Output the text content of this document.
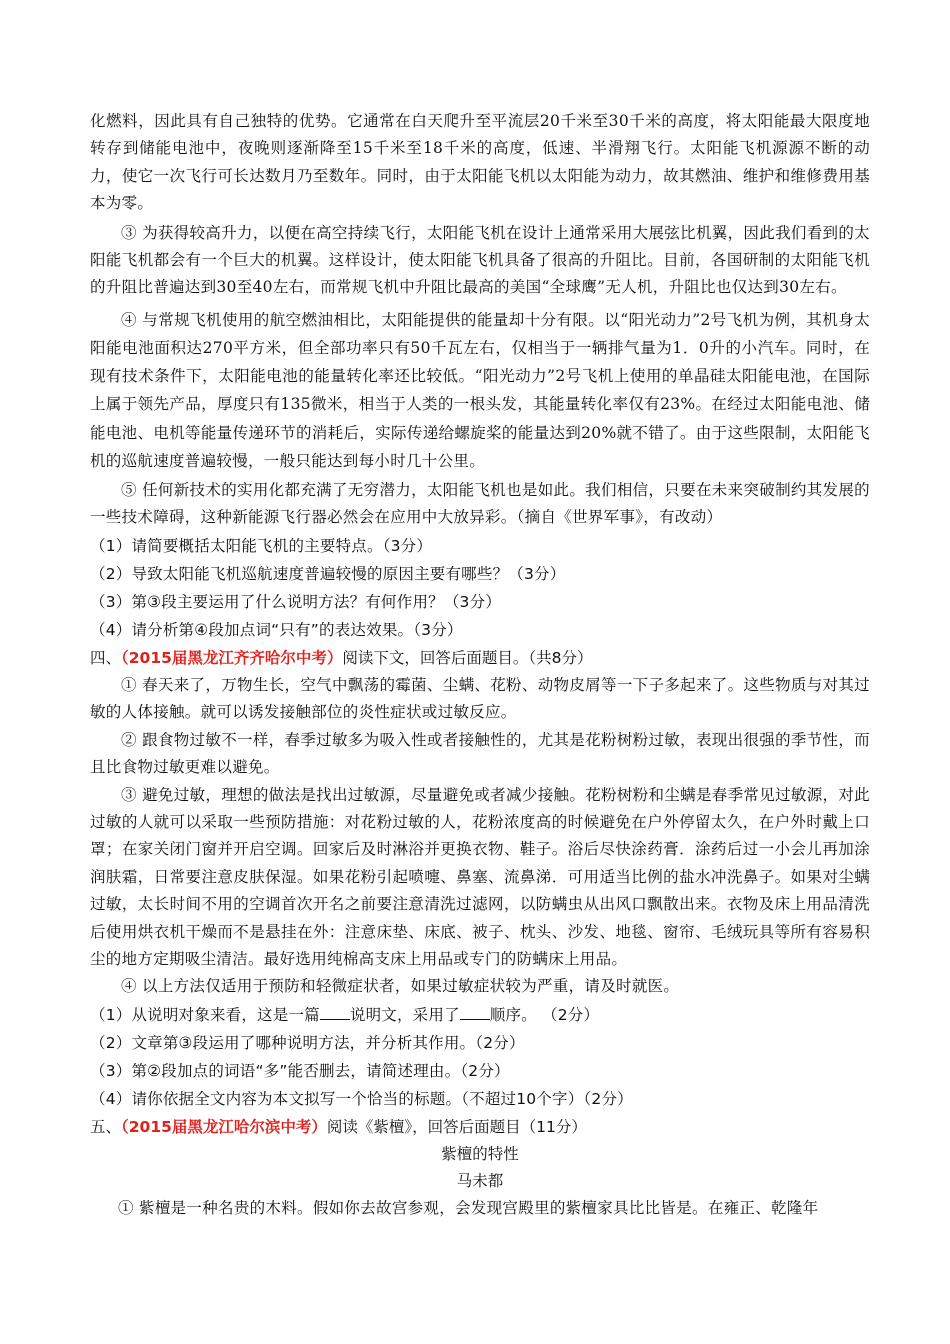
化燃料，因此具有自己独特的优势。它通常在白天爬升至平流层20千米至30千米的高度，将太阳能最大限度地转存到储能电池中，夜晚则逐渐降至15千米至18千米的高度，低速、半滑翔飞行。太阳能飞机源源不断的动力，使它一次飞行可长达数月乃至数年。同时，由于太阳能飞机以太阳能为动力，故其燃油、维护和维修费用基本为零。

③ 为获得较高升力，以便在高空持续飞行，太阳能飞机在设计上通常采用大展弦比机翼，因此我们看到的太阳能飞机都会有一个巨大的机翼。这样设计，使太阳能飞机具备了很高的升阻比。目前，各国研制的太阳能飞机的升阻比普遍达到30至40左右，而常规飞机中升阻比最高的美国“全球鹰”无人机，升阻比也仅达到30左右。

④ 与常规飞机使用的航空燃油相比，太阳能提供的能量却十分有限。以“阳光动力”2号飞机为例，其机身太阳能电池面积达270平方米，但全部功率只有50千瓦左右，仅相当于一辆排气量为1．0升的小汽车。同时，在现有技术条件下，太阳能电池的能量转化率还比较低。“阳光动力”2号飞机上使用的单晶硅太阳能电池，在国际上属于领先产品，厚度只有135微米，相当于人类的一根头发，其能量转化率仅有23%。在经过太阳能电池、储能电池、电机等能量传递环节的消耗后，实际传递给螺旋桨的能量达到20%就不错了。由于这些限制，太阳能飞机的巡航速度普遍较慢，一般只能达到每小时几十公里。

⑤ 任何新技术的实用化都充满了无穷潜力，太阳能飞机也是如此。我们相信，只要在未来突破制约其发展的一些技术障碍，这种新能源飞行器必然会在应用中大放异彩。（摘自《世界军事》，有改动）

（1）请简要概括太阳能飞机的主要特点。（3分）

（2）导致太阳能飞机巡航速度普遍较慢的原因主要有哪些？（3分）

（3）第③段主要运用了什么说明方法？有何作用？（3分）

（4）请分析第④段加点词“只有”的表达效果。（3分）

四、（2015届黑龙江齐齐哈尔中考）阅读下文，回答后面题目。（共8分）

① 春天来了，万物生长，空气中飘荡的霉菌、尘螨、花粉、动物皮屑等一下子多起来了。这些物质与对其过敏的人体接触。就可以诱发接触部位的炎性症状或过敏反应。

② 跟食物过敏不一样，春季过敏多为吸入性或者接触性的，尤其是花粉树粉过敏，表现出很强的季节性，而且比食物过敏更难以避免。

③ 避免过敏，理想的做法是找出过敏源，尽量避免或者减少接触。花粉树粉和尘螨是春季常见过敏源，对此过敏的人就可以采取一些预防措施：对花粉过敏的人，花粉浓度高的时候避免在户外停留太久，在户外时戴上口罩；在家关闭门窗并开启空调。回家后及时淋浴并更换衣物、鞋子。浴后尽快涂药膏．涂药后过一小会儿再加涂润肤霜，日常要注意皮肤保湿。如果花粉引起喷嚏、鼻塞、流鼻涕．可用适当比例的盐水冲洗鼻子。如果对尘螨过敏，太长时间不用的空调首次开名之前要注意清洗过滤网，以防螨虫从出风口飘散出来。衣物及床上用品清洗后使用烘衣机干燥而不是悬挂在外：注意床垫、床底、被子、枕头、沙发、地毯、窗帘、毛绒玩具等所有容易积尘的地方定期吸尘清洁。最好选用纯棉高支床上用品或专门的防螨床上用品。

④ 以上方法仅适用于预防和轻微症状者，如果过敏症状较为严重，请及时就医。

（1）从说明对象来看，这是一篇 说明文，采用了 顺序。 （2分）

（2）文章第③段运用了哪种说明方法，并分析其作用。（2分）

（3）第②段加点的词语“多”能否删去，请简述理由。（2分）

（4）请你依据全文内容为本文拟写一个恰当的标题。（不超过10个字）（2分）

五、（2015届黑龙江哈尔滨中考）阅读《紫檀》，回答后面题目（11分）

紫檀的特性

马未都

① 紫檀是一种名贵的木料。假如你去故宫参观，会发现宫殿里的紫檀家具比比皆是。在雍正、乾隆年
